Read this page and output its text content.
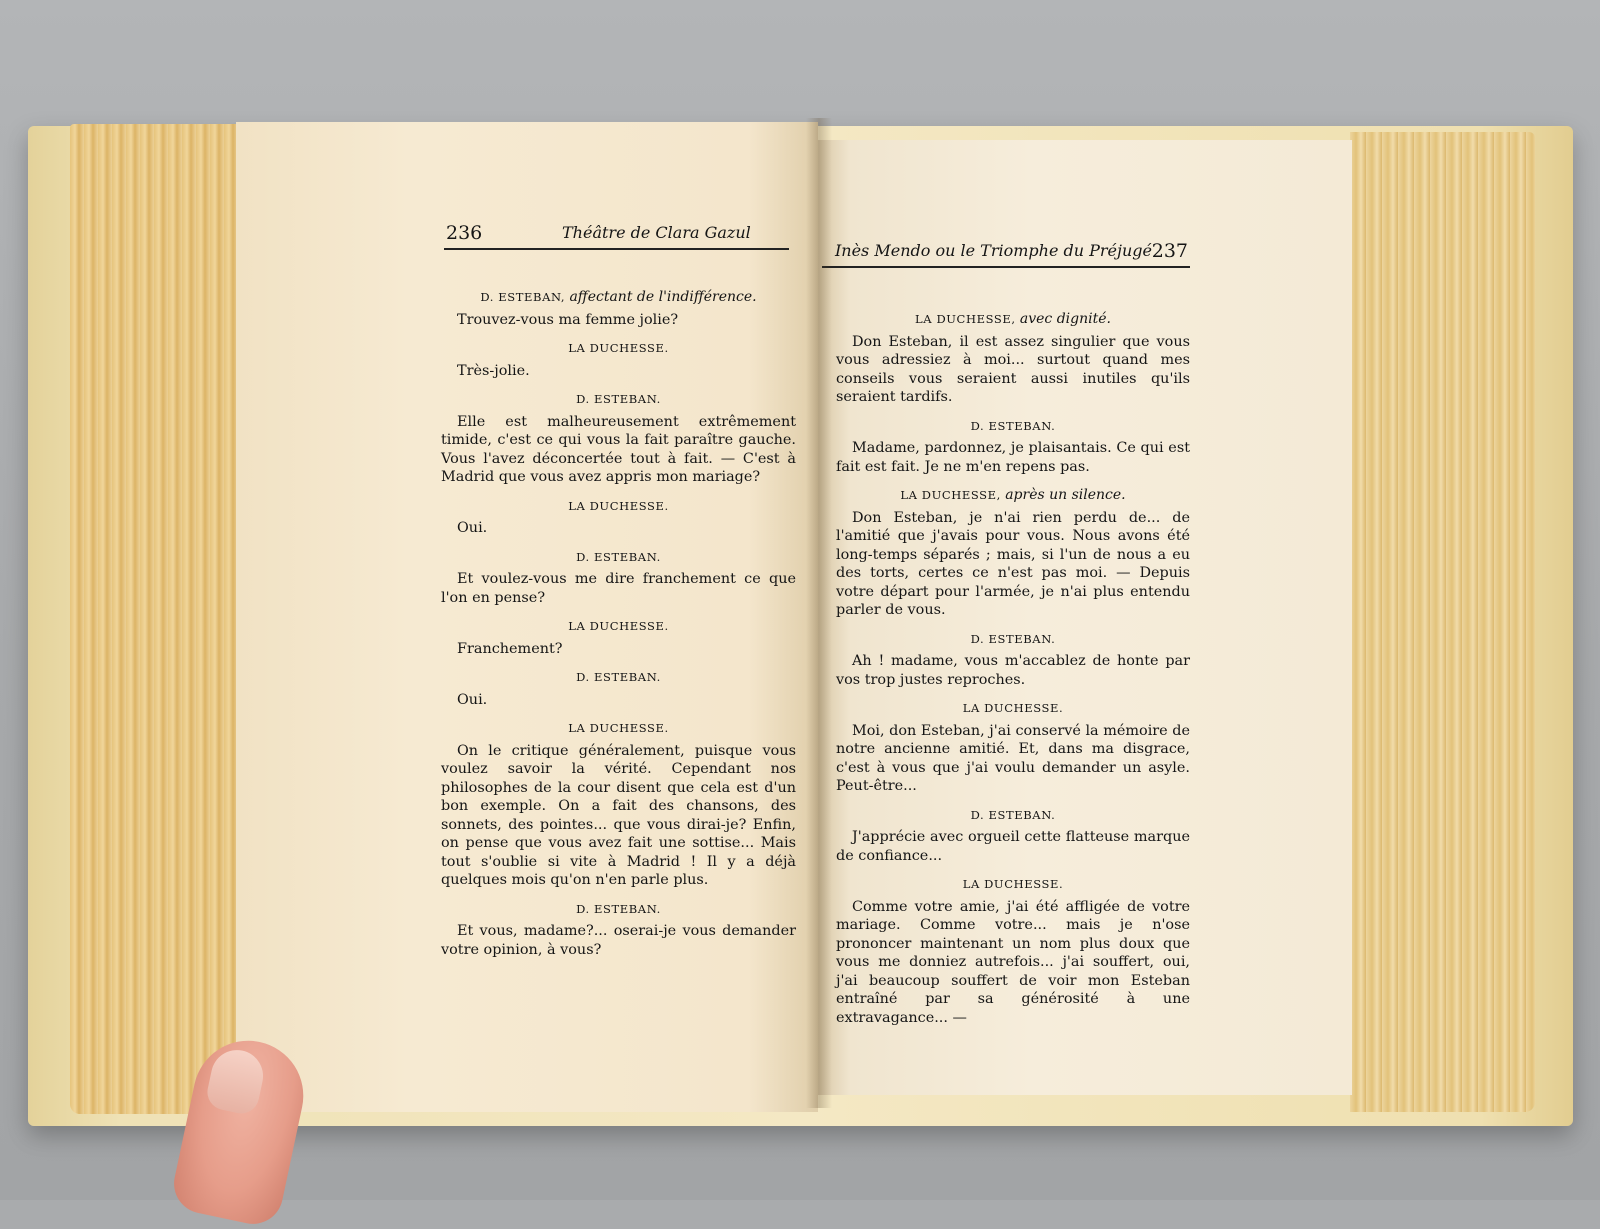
236	Théâtre de Clara Gazul
D. ESTEBAN, affectant de l'indifférence.
Trouvez-vous ma femme jolie?
LA DUCHESSE.
Très-jolie.
D. ESTEBAN.
Elle est malheureusement extrêmement timide, c'est ce qui vous la fait paraître gauche. Vous l'avez déconcertée tout à fait. — C'est à Madrid que vous avez appris mon mariage?
LA DUCHESSE.
Oui.
D. ESTEBAN.
Et voulez-vous me dire franchement ce que l'on en pense?
LA DUCHESSE.
Franchement?
D. ESTEBAN.
Oui.
LA DUCHESSE.
On le critique généralement, puisque vous voulez savoir la vérité. Cependant nos philosophes de la cour disent que cela est d'un bon exemple. On a fait des chansons, des sonnets, des pointes... que vous dirai-je? Enfin, on pense que vous avez fait une sottise... Mais tout s'oublie si vite à Madrid ! Il y a déjà quelques mois qu'on n'en parle plus.
D. ESTEBAN.
Et vous, madame?... oserai-je vous demander votre opinion, à vous?
Inès Mendo ou le Triomphe du Préjugé 237
LA DUCHESSE, avec dignité.
Don Esteban, il est assez singulier que vous vous adressiez à moi... surtout quand mes conseils vous seraient aussi inutiles qu'ils seraient tardifs.
D. ESTEBAN.
Madame, pardonnez, je plaisantais. Ce qui est fait est fait. Je ne m'en repens pas.
LA DUCHESSE, après un silence.
Don Esteban, je n'ai rien perdu de... de l'amitié que j'avais pour vous. Nous avons été long-temps séparés ; mais, si l'un de nous a eu des torts, certes ce n'est pas moi. — Depuis votre départ pour l'armée, je n'ai plus entendu parler de vous.
D. ESTEBAN.
Ah ! madame, vous m'accablez de honte par vos trop justes reproches.
LA DUCHESSE.
Moi, don Esteban, j'ai conservé la mémoire de notre ancienne amitié. Et, dans ma disgrace, c'est à vous que j'ai voulu demander un asyle. Peut-être...
D. ESTEBAN.
J'apprécie avec orgueil cette flatteuse marque de confiance...
LA DUCHESSE.
Comme votre amie, j'ai été affligée de votre mariage. Comme votre... mais je n'ose prononcer maintenant un nom plus doux que vous me donniez autrefois... j'ai souffert, oui, j'ai beaucoup souffert de voir mon Esteban entraîné par sa générosité à une extravagance... —
